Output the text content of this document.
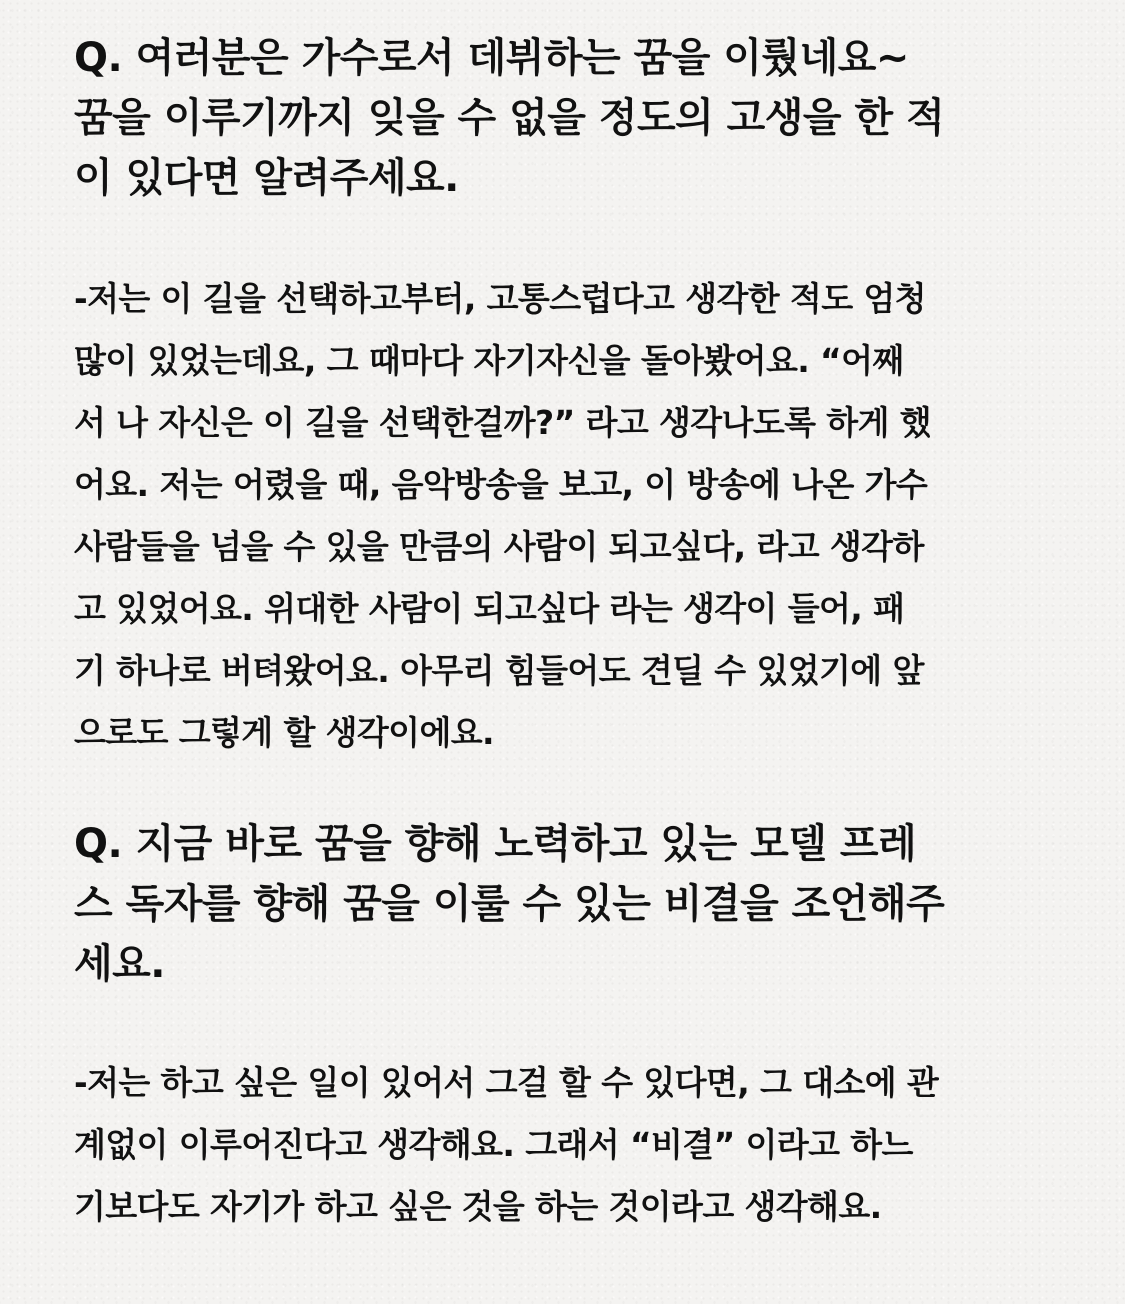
Q. 여러분은 가수로서 데뷔하는 꿈을 이뤘네요~
꿈을 이루기까지 잊을 수 없을 정도의 고생을 한 적
이 있다면 알려주세요.
-저는 이 길을 선택하고부터, 고통스럽다고 생각한 적도 엄청
많이 있었는데요, 그 때마다 자기자신을 돌아봤어요. “어째
서 나 자신은 이 길을 선택한걸까?” 라고 생각나도록 하게 했
어요. 저는 어렸을 때, 음악방송을 보고, 이 방송에 나온 가수
사람들을 넘을 수 있을 만큼의 사람이 되고싶다, 라고 생각하
고 있었어요. 위대한 사람이 되고싶다 라는 생각이 들어, 패
기 하나로 버텨왔어요. 아무리 힘들어도 견딜 수 있었기에 앞
으로도 그렇게 할 생각이에요.
Q. 지금 바로 꿈을 향해 노력하고 있는 모델 프레
스 독자를 향해 꿈을 이룰 수 있는 비결을 조언해주
세요.
-저는 하고 싶은 일이 있어서 그걸 할 수 있다면, 그 대소에 관
계없이 이루어진다고 생각해요. 그래서 “비결” 이라고 하느
기보다도 자기가 하고 싶은 것을 하는 것이라고 생각해요.
